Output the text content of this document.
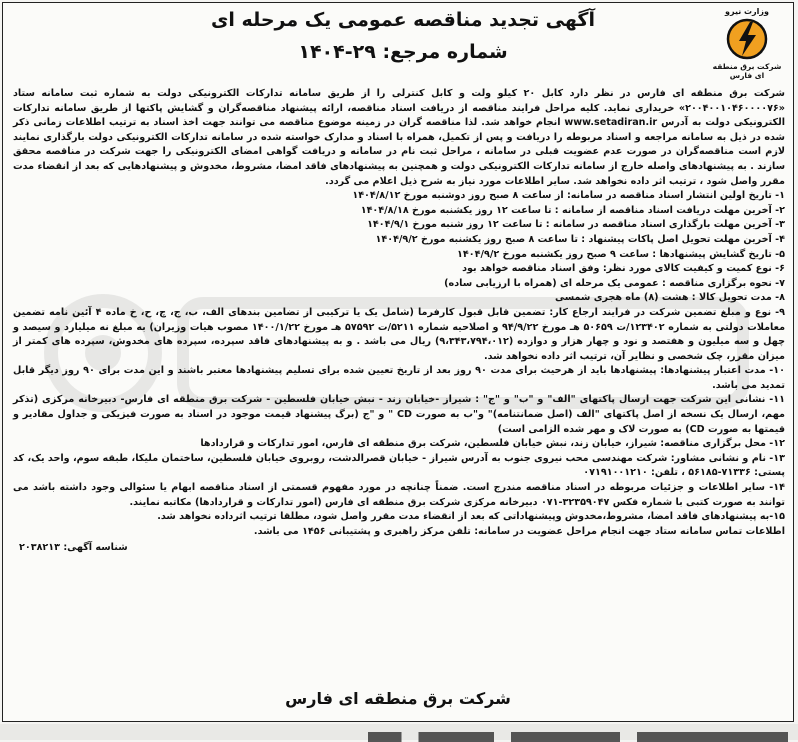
آگهی تجدید مناقصه عمومی یک مرحله ای
شماره مرجع: ۲۹-۱۴۰۴
وزارت نیرو
شرکت برق منطقه ای فارس

شرکت برق منطقه ای فارس در نظر دارد کابل ۲۰ کیلو ولت و کابل کنترلی را از طریق سامانه تدارکات الکترونیکی دولت به شماره ثبت سامانه ستاد «۲۰۰۴۰۰۱۰۴۶۰۰۰۰۷۶» خریداری نماید. کلیه مراحل فرایند مناقصه از دریافت اسناد مناقصه، ارائه پیشنهاد مناقصه‌گران و گشایش پاکتها از طریق سامانه تدارکات الکترونیکی دولت به آدرس www.setadiran.ir انجام خواهد شد. لذا مناقصه گران در زمینه موضوع مناقصه می توانند جهت اخذ اسناد به ترتیب اطلاعات زمانی ذکر شده در ذیل به سامانه مراجعه و اسناد مربوطه را دریافت و پس از تکمیل، همراه با اسناد و مدارک خواسته شده در سامانه تدارکات الکترونیکی دولت بارگذاری نمایند لازم است مناقصه‌گران در صورت عدم عضویت قبلی در سامانه ، مراحل ثبت نام در سامانه و دریافت گواهی امضای الکترونیکی را جهت شرکت در مناقصه محقق سازند . به پیشنهادهای واصله خارج از سامانه تدارکات الکترونیکی دولت و همچنین به پیشنهادهای فاقد امضا، مشروط، مخدوش و پیشنهادهایی که بعد از انقضاء مدت مقرر واصل شود ، ترتیب اثر داده نخواهد شد. سایر اطلاعات مورد نیاز به شرح ذیل اعلام می گردد.

۱- تاریخ اولین انتشار اسناد مناقصه در سامانه: از ساعت ۸ صبح روز دوشنبه مورخ ۱۴۰۴/۸/۱۲

۲- آخرین مهلت دریافت اسناد مناقصه از سامانه : تا ساعت ۱۲ روز یکشنبه مورخ ۱۴۰۴/۸/۱۸

۳- آخرین مهلت بارگذاری اسناد مناقصه در سامانه : تا ساعت ۱۲ روز شنبه مورخ ۱۴۰۴/۹/۱

۴- آخرین مهلت تحویل اصل پاکات پیشنهاد : تا ساعت ۸ صبح روز یکشنبه مورخ ۱۴۰۴/۹/۲

۵- تاریخ گشایش پیشنهادها : ساعت ۹ صبح روز یکشنبه مورخ ۱۴۰۴/۹/۲

۶- نوع کمیت و کیفیت کالای مورد نظر: وفق اسناد مناقصه خواهد بود

۷- نحوه برگزاری مناقصه : عمومی یک مرحله ای (همراه با ارزیابی ساده)

۸- مدت تحویل کالا : هشت (۸) ماه هجری شمسی

۹- نوع و مبلغ تضمین شرکت در فرایند ارجاع کار: تضمین قابل قبول کارفرما (شامل یک یا ترکیبی از تضامین بندهای الف، ب، ج، چ، ح، خ ماده ۴ آئین نامه تضمین معاملات دولتی به شماره ۱۲۳۴۰۲/ت ۵۰۶۵۹ هـ مورخ ۹۴/۹/۲۲ و اصلاحیه شماره ۵۲۱۱/ت ۵۷۵۹۲ هـ مورخ ۱۴۰۰/۱/۲۲ مصوب هیات وزیران) به مبلغ نه میلیارد و سیصد و چهل و سه میلیون و هفتصد و نود و چهار هزار و دوازده (۹،۳۴۳،۷۹۴،۰۱۲) ریال می باشد . و به پیشنهادهای فاقد سپرده، سپرده های مخدوش، سپرده های کمتر از میزان مقرر، چک شخصی و نظایر آن، ترتیب اثر داده نخواهد شد.

۱۰- مدت اعتبار پیشنهادها: پیشنهادها باید از هرحیث برای مدت ۹۰ روز بعد از تاریخ تعیین شده برای تسلیم پیشنهادها معتبر باشند و این مدت برای ۹۰ روز دیگر قابل تمدید می باشد.

۱۱- نشانی این شرکت جهت ارسال پاکتهای "الف" و "ب" و "ج" : شیراز -خیابان زند - نبش خیابان فلسطین - شرکت برق منطقه ای فارس- دبیرخانه مرکزی (تذکر مهم، ارسال یک نسخه از اصل پاکتهای "الف (اصل ضمانتنامه)" و"ب به صورت CD " و "ج (برگ پیشنهاد قیمت موجود در اسناد به صورت فیزیکی و جداول مقادیر و قیمتها به صورت CD) به صورت لاک و مهر شده الزامی است)

۱۲- محل برگزاری مناقصه: شیراز، خیابان زند، نبش خیابان فلسطین، شرکت برق منطقه ای فارس، امور تدارکات و قراردادها

۱۳- نام و نشانی مشاور: شرکت مهندسی محب نیروی جنوب به آدرس شیراز - خیابان قصرالدشت، روبروی خیابان فلسطین، ساختمان ملیکا، طبقه سوم، واحد یک، کد پستی: ۷۱۳۳۶-۵۶۱۸۵ ، تلفن: ۰۷۱۹۱۰۰۱۲۱۰

۱۴- سایر اطلاعات و جزئیات مربوطه در اسناد مناقصه مندرج است. ضمناً چنانچه در مورد مفهوم قسمتی از اسناد مناقصه ابهام یا سئوالی وجود داشته باشد می توانند به صورت کتبی با شماره فکس ۳۲۳۵۹۰۴۷-۰۷۱ دبیرخانه مرکزی شرکت برق منطقه ای فارس (امور تدارکات و قراردادها) مکاتبه نمایند.

۱۵-به پیشنهادهای فاقد امضا، مشروط،مخدوش وپیشنهاداتی که بعد از انقضاء مدت مقرر واصل شود، مطلقا ترتیب اثرداده نخواهد شد.

اطلاعات تماس سامانه ستاد جهت انجام مراحل عضویت در سامانه: تلفن مرکز راهبری و پشتیبانی ۱۴۵۶ می باشد.

شناسه آگهی: ۲۰۳۸۲۱۳
شرکت برق منطقه ای فارس
